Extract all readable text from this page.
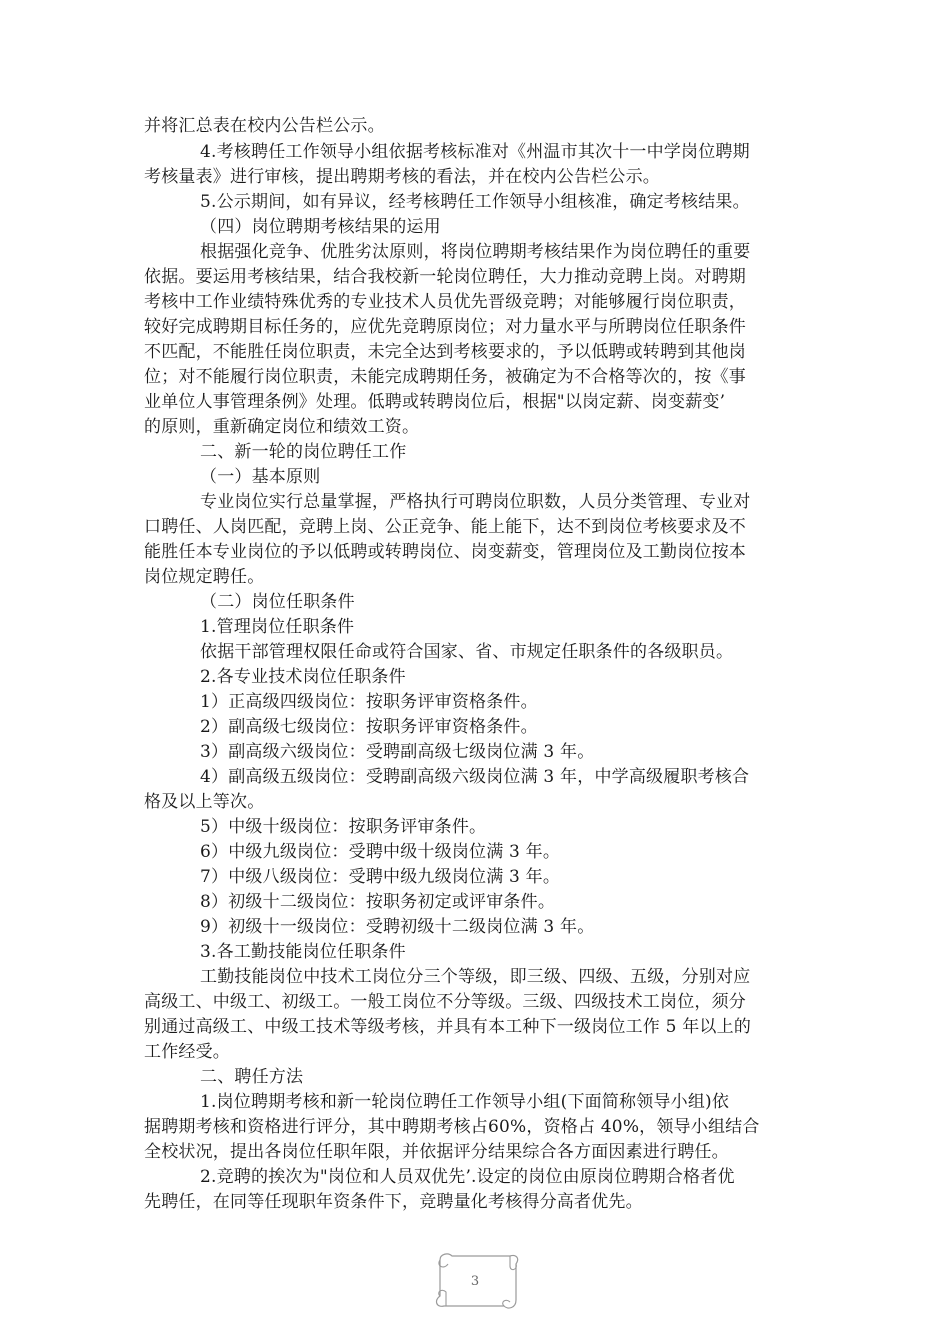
并将汇总表在校内公告栏公示。
4.考核聘任工作领导小组依据考核标准对《州温市其次十一中学岗位聘期
考核量表》进行审核，提出聘期考核的看法，并在校内公告栏公示。
5.公示期间，如有异议，经考核聘任工作领导小组核准，确定考核结果。
（四）岗位聘期考核结果的运用
根据强化竞争、优胜劣汰原则，将岗位聘期考核结果作为岗位聘任的重要
依据。要运用考核结果，结合我校新一轮岗位聘任，大力推动竞聘上岗。对聘期
考核中工作业绩特殊优秀的专业技术人员优先晋级竞聘；对能够履行岗位职责，
较好完成聘期目标任务的，应优先竞聘原岗位；对力量水平与所聘岗位任职条件
不匹配，不能胜任岗位职责，未完全达到考核要求的，予以低聘或转聘到其他岗
位；对不能履行岗位职责，未能完成聘期任务，被确定为不合格等次的，按《事
业单位人事管理条例》处理。低聘或转聘岗位后，根据"以岗定薪、岗变薪变’
的原则，重新确定岗位和绩效工资。
二、新一轮的岗位聘任工作
（一）基本原则
专业岗位实行总量掌握，严格执行可聘岗位职数，人员分类管理、专业对
口聘任、人岗匹配，竞聘上岗、公正竞争、能上能下，达不到岗位考核要求及不
能胜任本专业岗位的予以低聘或转聘岗位、岗变薪变，管理岗位及工勤岗位按本
岗位规定聘任。
（二）岗位任职条件
1.管理岗位任职条件
依据干部管理权限任命或符合国家、省、市规定任职条件的各级职员。
2.各专业技术岗位任职条件
1）正高级四级岗位：按职务评审资格条件。
2）副高级七级岗位：按职务评审资格条件。
3）副高级六级岗位：受聘副高级七级岗位满 3 年。
4）副高级五级岗位：受聘副高级六级岗位满 3 年，中学高级履职考核合
格及以上等次。
5）中级十级岗位：按职务评审条件。
6）中级九级岗位：受聘中级十级岗位满 3 年。
7）中级八级岗位：受聘中级九级岗位满 3 年。
8）初级十二级岗位：按职务初定或评审条件。
9）初级十一级岗位：受聘初级十二级岗位满 3 年。
3.各工勤技能岗位任职条件
工勤技能岗位中技术工岗位分三个等级，即三级、四级、五级，分别对应
高级工、中级工、初级工。一般工岗位不分等级。三级、四级技术工岗位，须分
别通过高级工、中级工技术等级考核，并具有本工种下一级岗位工作 5 年以上的
工作经受。
二、聘任方法
1.岗位聘期考核和新一轮岗位聘任工作领导小组(下面简称领导小组)依
据聘期考核和资格进行评分，其中聘期考核占60%，资格占 40%，领导小组结合
全校状况，提出各岗位任职年限，并依据评分结果综合各方面因素进行聘任。
2.竞聘的挨次为"岗位和人员双优先’.设定的岗位由原岗位聘期合格者优
先聘任，在同等任现职年资条件下，竞聘量化考核得分高者优先。
3
